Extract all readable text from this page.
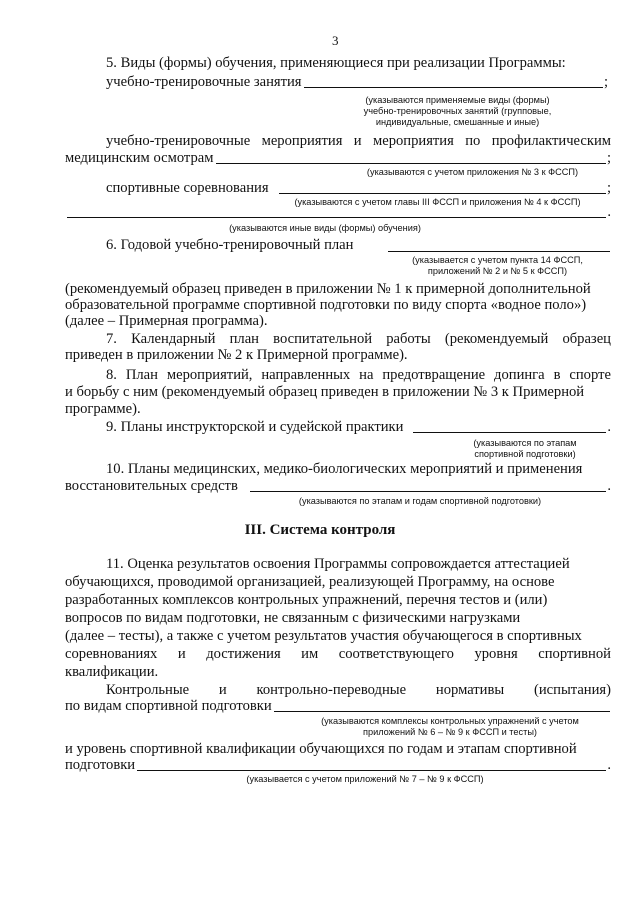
3
5. Виды (формы) обучения, применяющиеся при реализации Программы:
учебно-тренировочные занятия	;
(указываются применяемые виды (формы)
учебно-тренировочных занятий (групповые,
индивидуальные, смешанные и иные)
учебно-тренировочные мероприятия и мероприятия по профилактическим
медицинским осмотрам	;
(указываются с учетом приложения № 3 к ФССП)
спортивные соревнования	;
(указываются с учетом главы III ФССП и приложения № 4 к ФССП)
.
(указываются иные виды (формы) обучения)
6. Годовой учебно-тренировочный план
(указывается с учетом пункта 14 ФССП,
приложений № 2 и № 5 к ФССП)
(рекомендуемый образец приведен в приложении № 1 к примерной дополнительной
образовательной программе спортивной подготовки по виду спорта «водное поло»)
(далее – Примерная программа).
7. Календарный план воспитательной работы (рекомендуемый образец
приведен в приложении № 2 к Примерной программе).
8. План мероприятий, направленных на предотвращение допинга в спорте
и борьбу с ним (рекомендуемый образец приведен в приложении № 3 к Примерной
программе).
9. Планы инструкторской и судейской практики	.
(указываются по этапам
спортивной подготовки)
10. Планы медицинских, медико-биологических мероприятий и применения
восстановительных средств	.
(указываются по этапам и годам спортивной подготовки)
III. Система контроля
11. Оценка результатов освоения Программы сопровождается аттестацией
обучающихся, проводимой организацией, реализующей Программу, на основе
разработанных комплексов контрольных упражнений, перечня тестов и (или)
вопросов по видам подготовки, не связанным с физическими нагрузками
(далее – тесты), а также с учетом результатов участия обучающегося в спортивных
соревнованиях и достижения им соответствующего уровня спортивной
квалификации.
Контрольные и контрольно-переводные нормативы (испытания)
по видам спортивной подготовки
(указываются комплексы контрольных упражнений с учетом
приложений № 6 – № 9 к ФССП и тесты)
и уровень спортивной квалификации обучающихся по годам и этапам спортивной
подготовки	.
(указывается с учетом приложений № 7 – № 9 к ФССП)
